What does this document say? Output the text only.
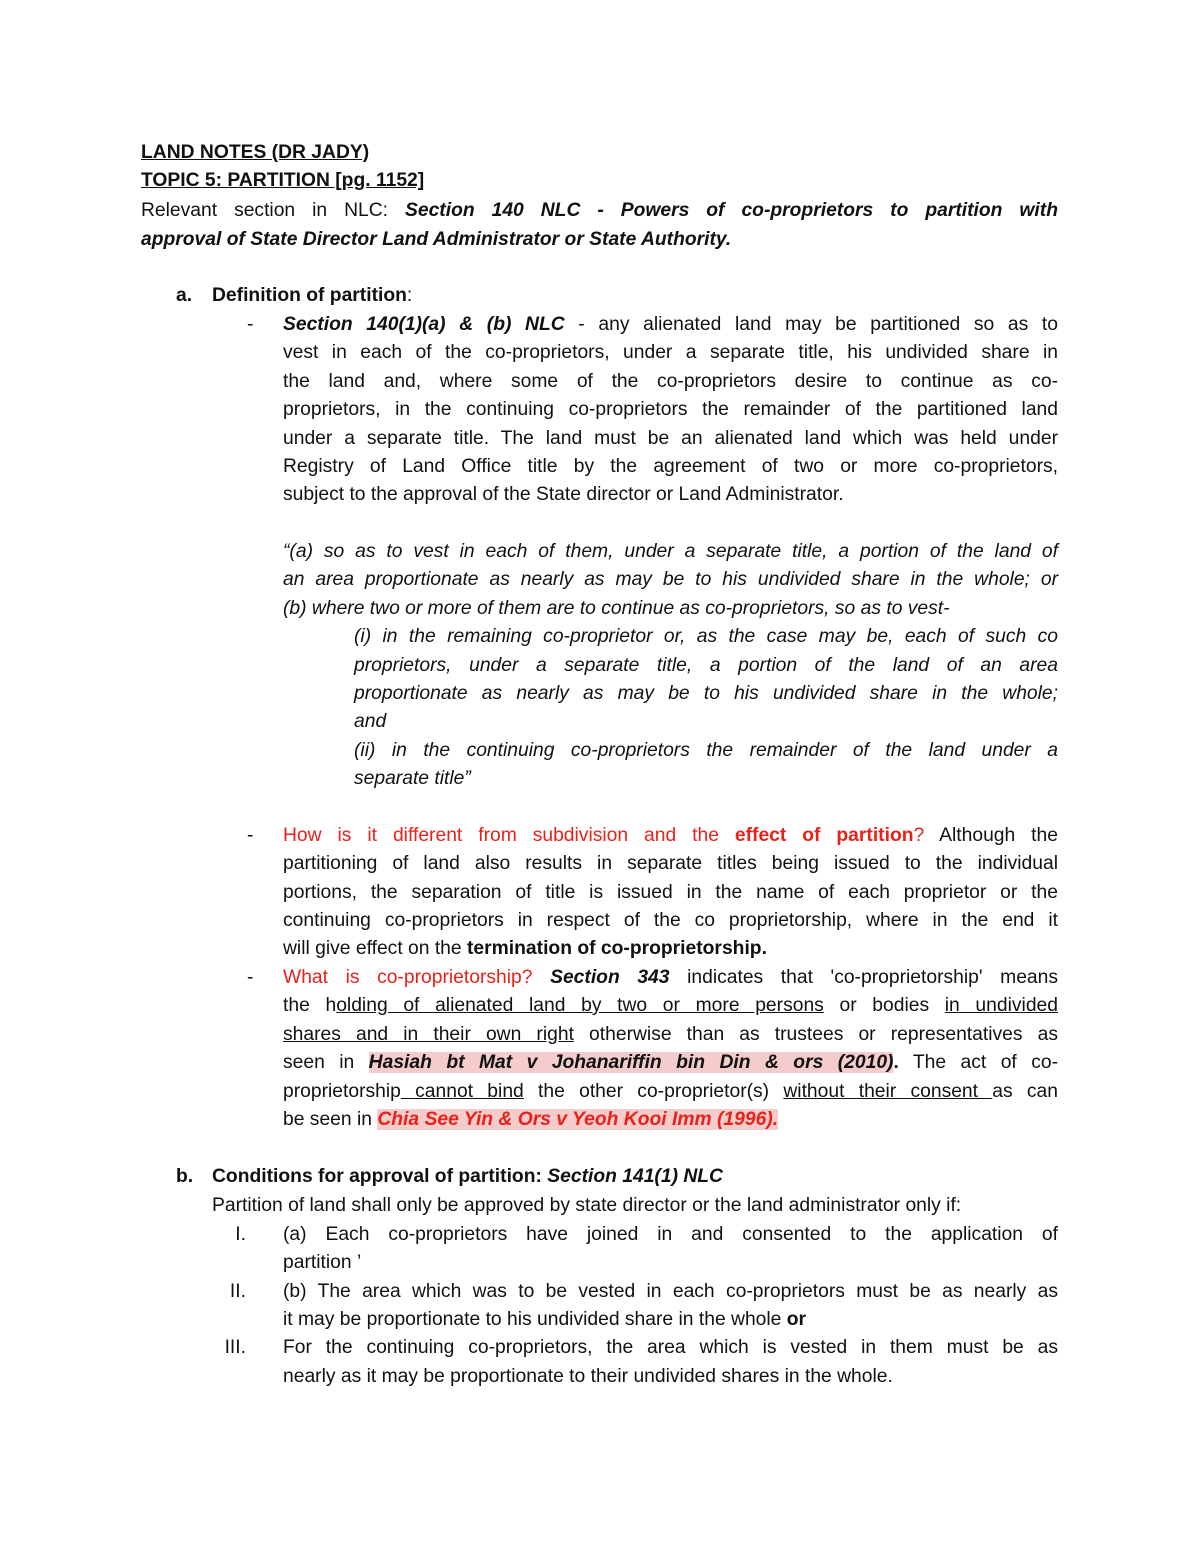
LAND NOTES (DR JADY)
TOPIC 5: PARTITION [pg. 1152]
Relevant section in NLC: Section 140 NLC - Powers of co-proprietors to partition with
approval of State Director Land Administrator or State Authority.
a. Definition of partition:
- Section 140(1)(a) & (b) NLC - any alienated land may be partitioned so as to
vest in each of the co-proprietors, under a separate title, his undivided share in
the land and, where some of the co-proprietors desire to continue as co-
proprietors, in the continuing co-proprietors the remainder of the partitioned land
under a separate title. The land must be an alienated land which was held under
Registry of Land Office title by the agreement of two or more co-proprietors,
subject to the approval of the State director or Land Administrator.
“(a) so as to vest in each of them, under a separate title, a portion of the land of
an area proportionate as nearly as may be to his undivided share in the whole; or
(b) where two or more of them are to continue as co-proprietors, so as to vest-
(i) in the remaining co-proprietor or, as the case may be, each of such co
proprietors, under a separate title, a portion of the land of an area
proportionate as nearly as may be to his undivided share in the whole;
and
(ii) in the continuing co-proprietors the remainder of the land under a
separate title”
- How is it different from subdivision and the effect of partition? Although the
partitioning of land also results in separate titles being issued to the individual
portions, the separation of title is issued in the name of each proprietor or the
continuing co-proprietors in respect of the co proprietorship, where in the end it
will give effect on the termination of co-proprietorship.
- What is co-proprietorship? Section 343 indicates that 'co-proprietorship' means
the holding of alienated land by two or more persons or bodies in undivided
shares and in their own right otherwise than as trustees or representatives as
seen in Hasiah bt Mat v Johanariffin bin Din & ors (2010). The act of co-
proprietorship cannot bind the other co-proprietor(s) without their consent as can
be seen in Chia See Yin & Ors v Yeoh Kooi Imm (1996).
b. Conditions for approval of partition: Section 141(1) NLC
Partition of land shall only be approved by state director or the land administrator only if:
I. (a) Each co-proprietors have joined in and consented to the application of
partition ’
II. (b) The area which was to be vested in each co-proprietors must be as nearly as
it may be proportionate to his undivided share in the whole or
III. For the continuing co-proprietors, the area which is vested in them must be as
nearly as it may be proportionate to their undivided shares in the whole.
